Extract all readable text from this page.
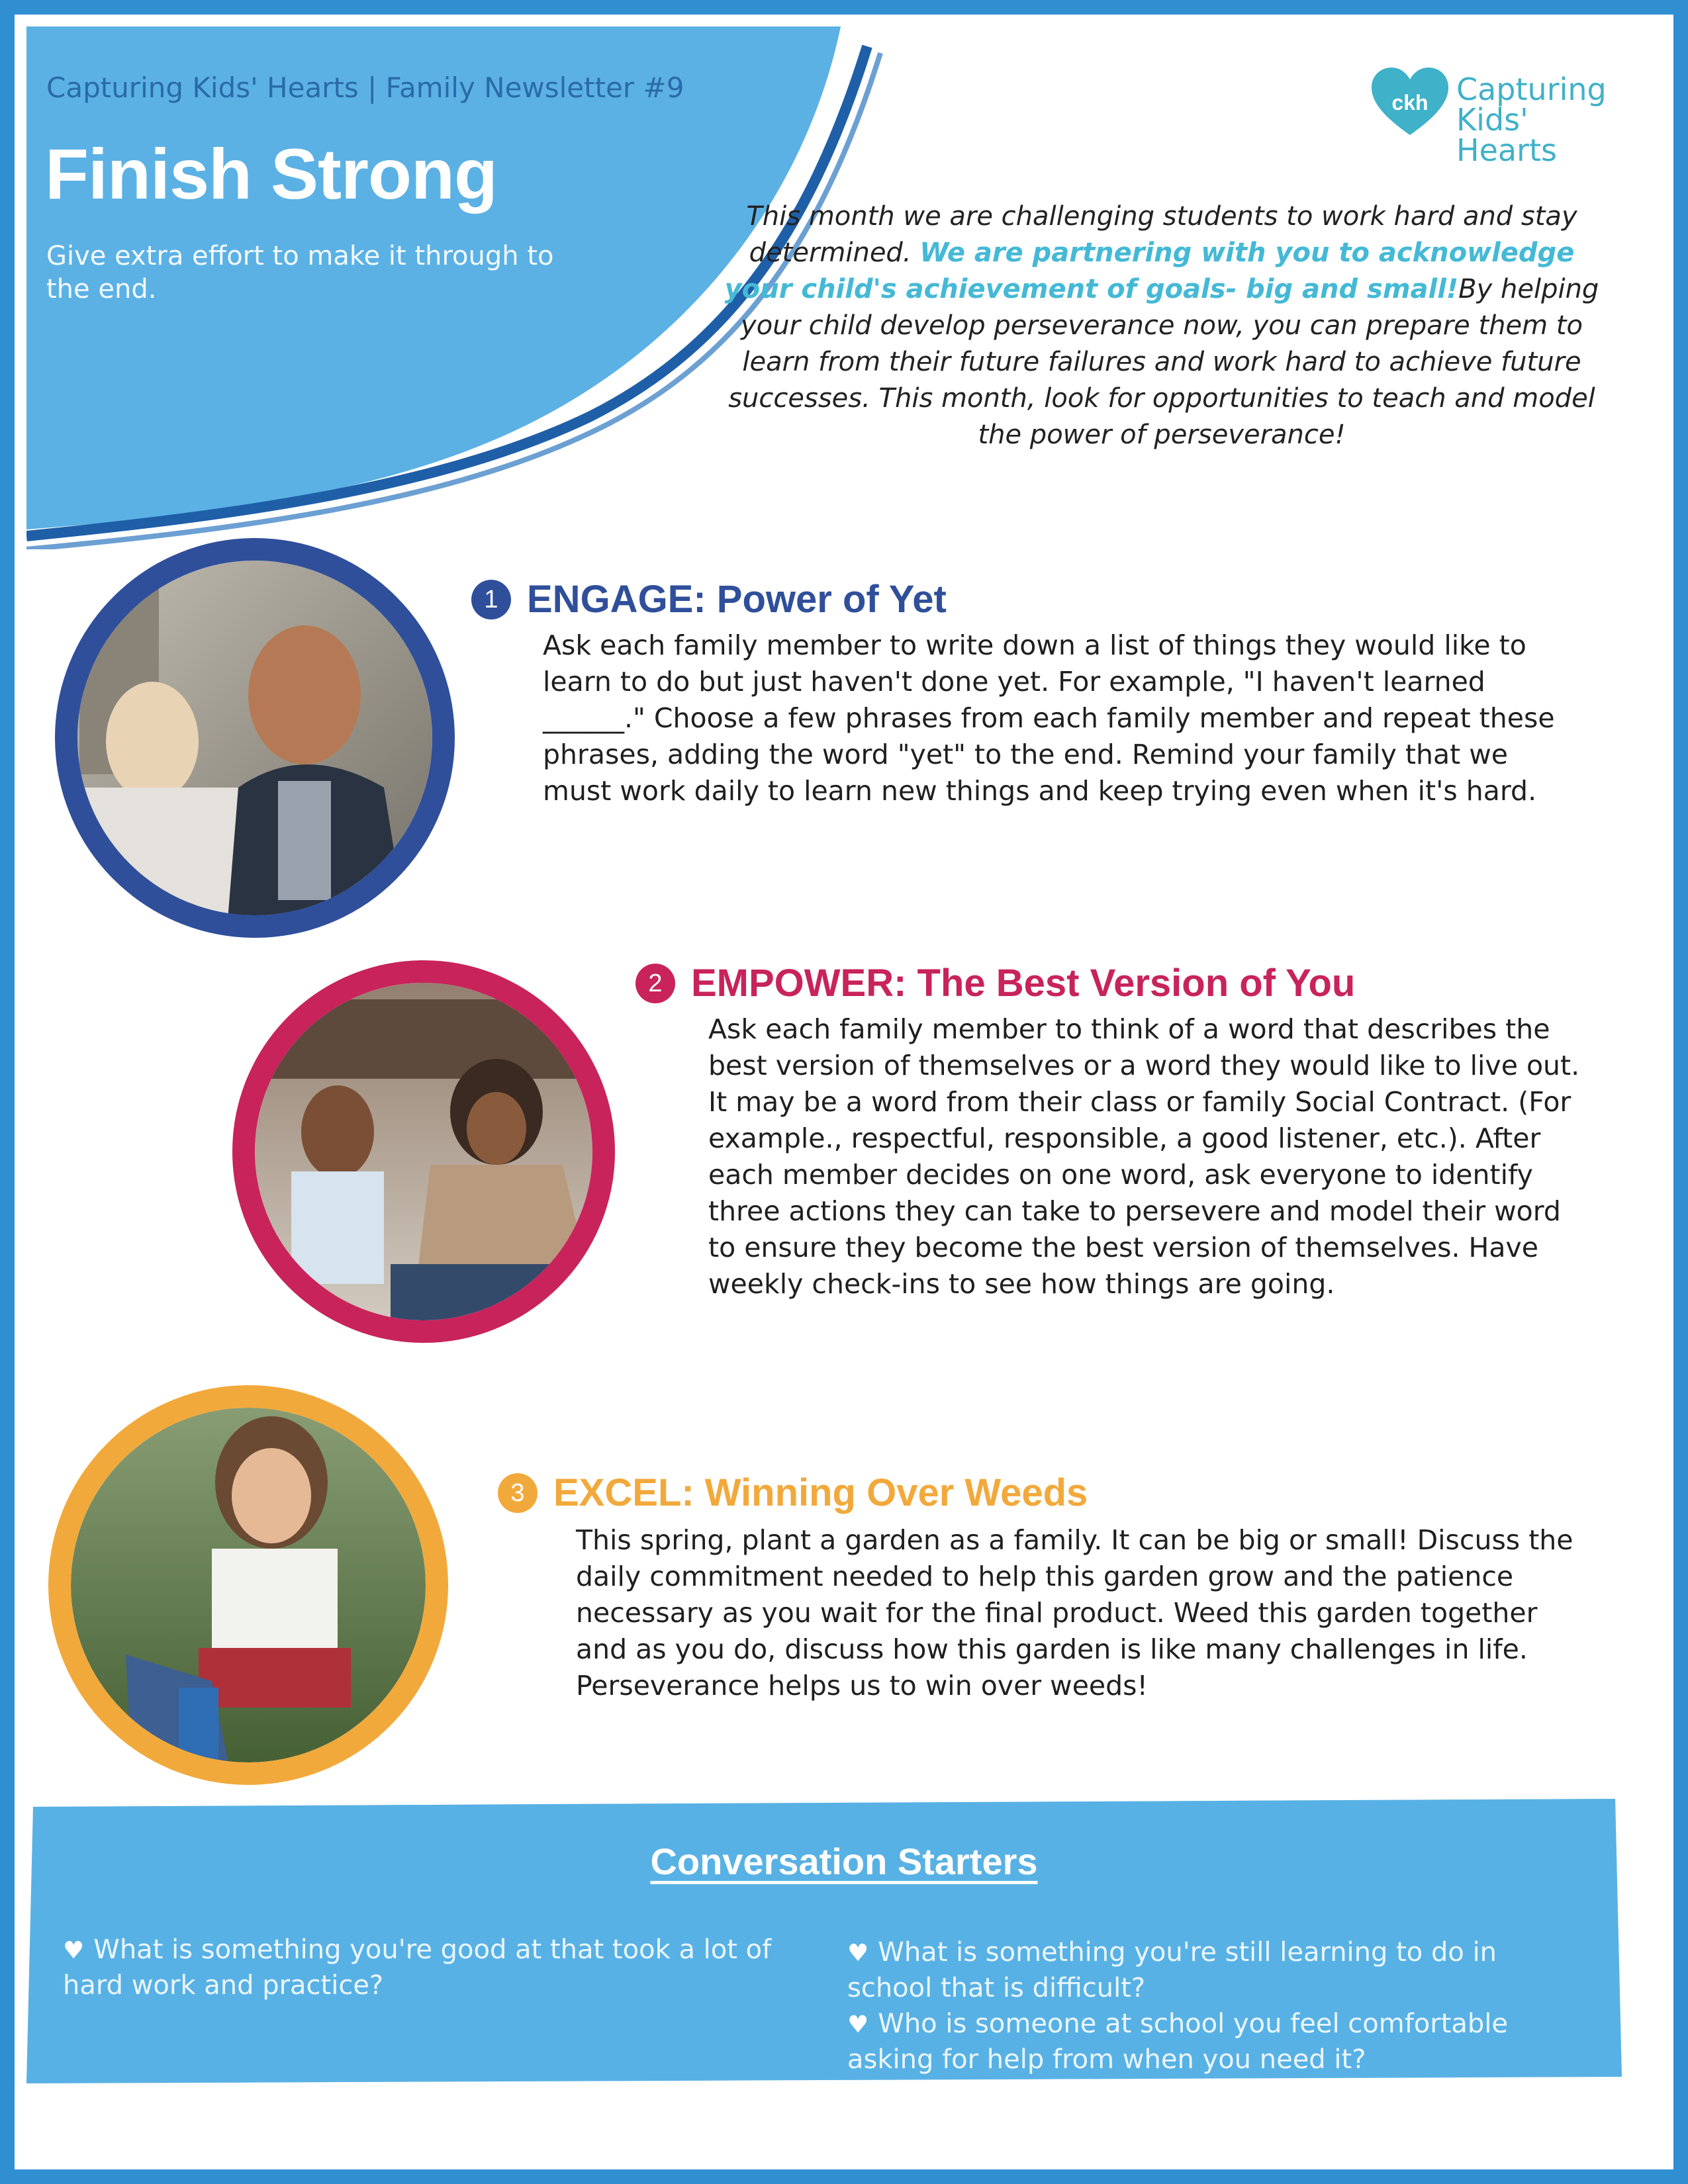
Capturing Kids' Hearts | Family Newsletter #9
Finish Strong
Give extra effort to make it through to the end.
ckh Capturing
Kids' Hearts
This month we are challenging students to work hard and stay determined. We are partnering with you to acknowledge your child's achievement of goals- big and small!By helping your child develop perseverance now, you can prepare them to learn from their future failures and work hard to achieve future successes. This month, look for opportunities to teach and model the power of perseverance!
1 ENGAGE: Power of Yet
Ask each family member to write down a list of things they would like to learn to do but just haven't done yet. For example, "I haven't learned ______." Choose a few phrases from each family member and repeat these phrases, adding the word "yet" to the end. Remind your family that we must work daily to learn new things and keep trying even when it's hard.
2 EMPOWER: The Best Version of You
Ask each family member to think of a word that describes the best version of themselves or a word they would like to live out. It may be a word from their class or family Social Contract. (For example., respectful, responsible, a good listener, etc.). After each member decides on one word, ask everyone to identify three actions they can take to persevere and model their word to ensure they become the best version of themselves. Have weekly check-ins to see how things are going.
3 EXCEL: Winning Over Weeds
This spring, plant a garden as a family. It can be big or small! Discuss the daily commitment needed to help this garden grow and the patience necessary as you wait for the final product. Weed this garden together and as you do, discuss how this garden is like many challenges in life. Perseverance helps us to win over weeds!
Conversation Starters
♥ What is something you're good at that took a lot of hard work and practice?
♥ What is something you're still learning to do in school that is difficult?
♥ Who is someone at school you feel comfortable asking for help from when you need it?
